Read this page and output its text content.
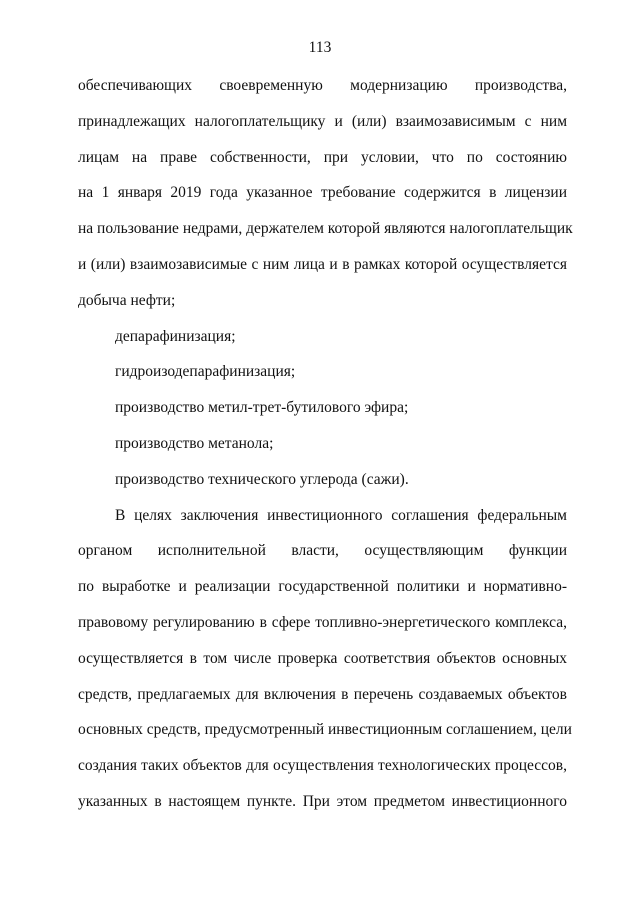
113
обеспечивающих своевременную модернизацию производства,
принадлежащих налогоплательщику и (или) взаимозависимым с ним
лицам на праве собственности, при условии, что по состоянию
на 1 января 2019 года указанное требование содержится в лицензии
на пользование недрами, держателем которой являются налогоплательщик
и (или) взаимозависимые с ним лица и в рамках которой осуществляется
добыча нефти;
депарафинизация;
гидроизодепарафинизация;
производство метил-трет-бутилового эфира;
производство метанола;
производство технического углерода (сажи).
В целях заключения инвестиционного соглашения федеральным
органом исполнительной власти, осуществляющим функции
по выработке и реализации государственной политики и нормативно-
правовому регулированию в сфере топливно-энергетического комплекса,
осуществляется в том числе проверка соответствия объектов основных
средств, предлагаемых для включения в перечень создаваемых объектов
основных средств, предусмотренный инвестиционным соглашением, цели
создания таких объектов для осуществления технологических процессов,
указанных в настоящем пункте. При этом предметом инвестиционного
